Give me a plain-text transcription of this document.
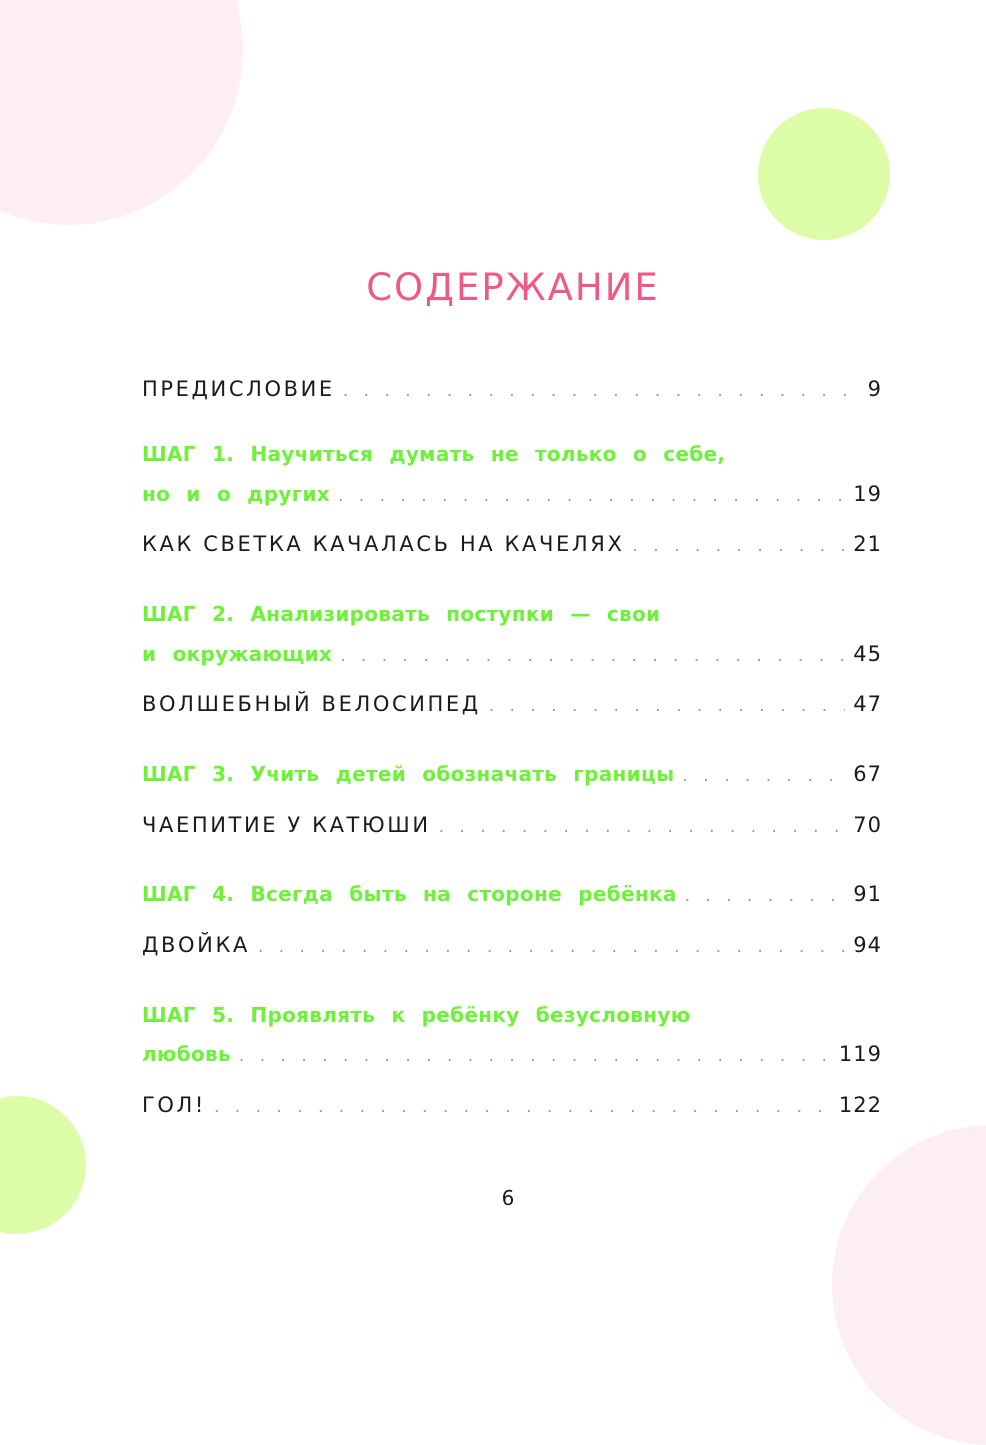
СОДЕРЖАНИЕ
ПРЕДИСЛОВИЕ . . .	9
ШАГ 1. Научиться думать не только о себе,
но и о других . . .	19
КАК СВЕТКА КАЧАЛАСЬ НА КАЧЕЛЯХ . . .	21
ШАГ 2. Анализировать поступки — свои
и окружающих . . .	45
ВОЛШЕБНЫЙ ВЕЛОСИПЕД . . .	47
ШАГ 3. Учить детей обозначать границы . . .	67
ЧАЕПИТИЕ У КАТЮШИ . . .	70
ШАГ 4. Всегда быть на стороне ребёнка . . .	91
ДВОЙКА . . .	94
ШАГ 5. Проявлять к ребёнку безусловную
любовь . . .	119
ГОЛ! . . .	122
6
